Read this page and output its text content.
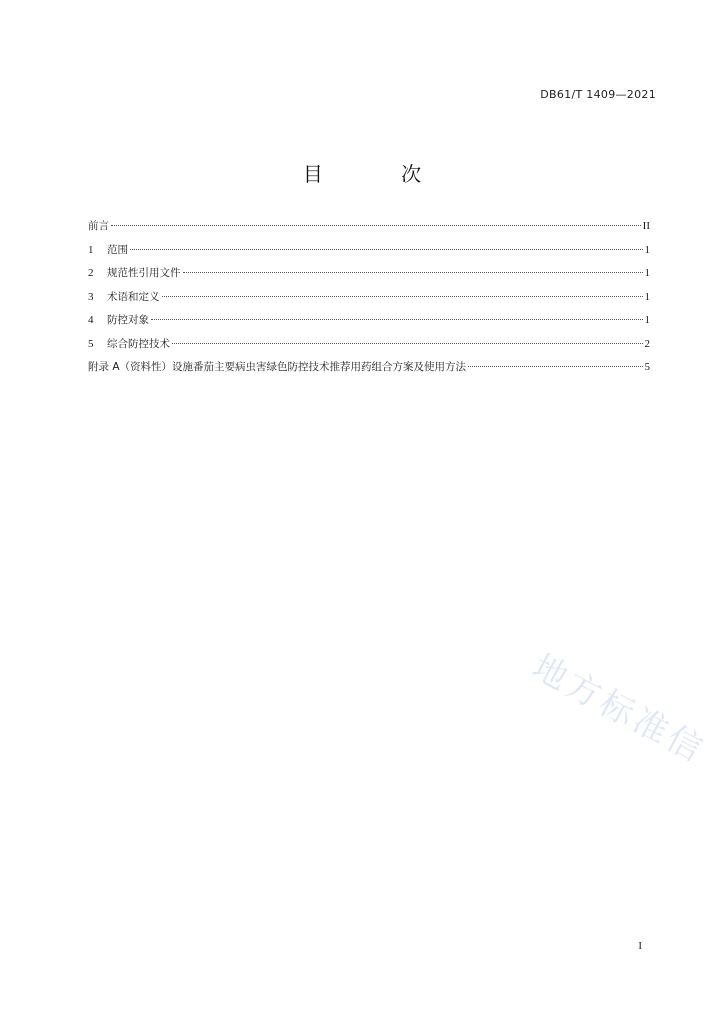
DB61/T 1409—2021
目 次
前言	II
1	范围	1
2	规范性引用文件	1
3	术语和定义	1
4	防控对象	1
5	综合防控技术	2
附录 A（资料性）设施番茄主要病虫害绿色防控技术推荐用药组合方案及使用方法	5
地方标准信
I
